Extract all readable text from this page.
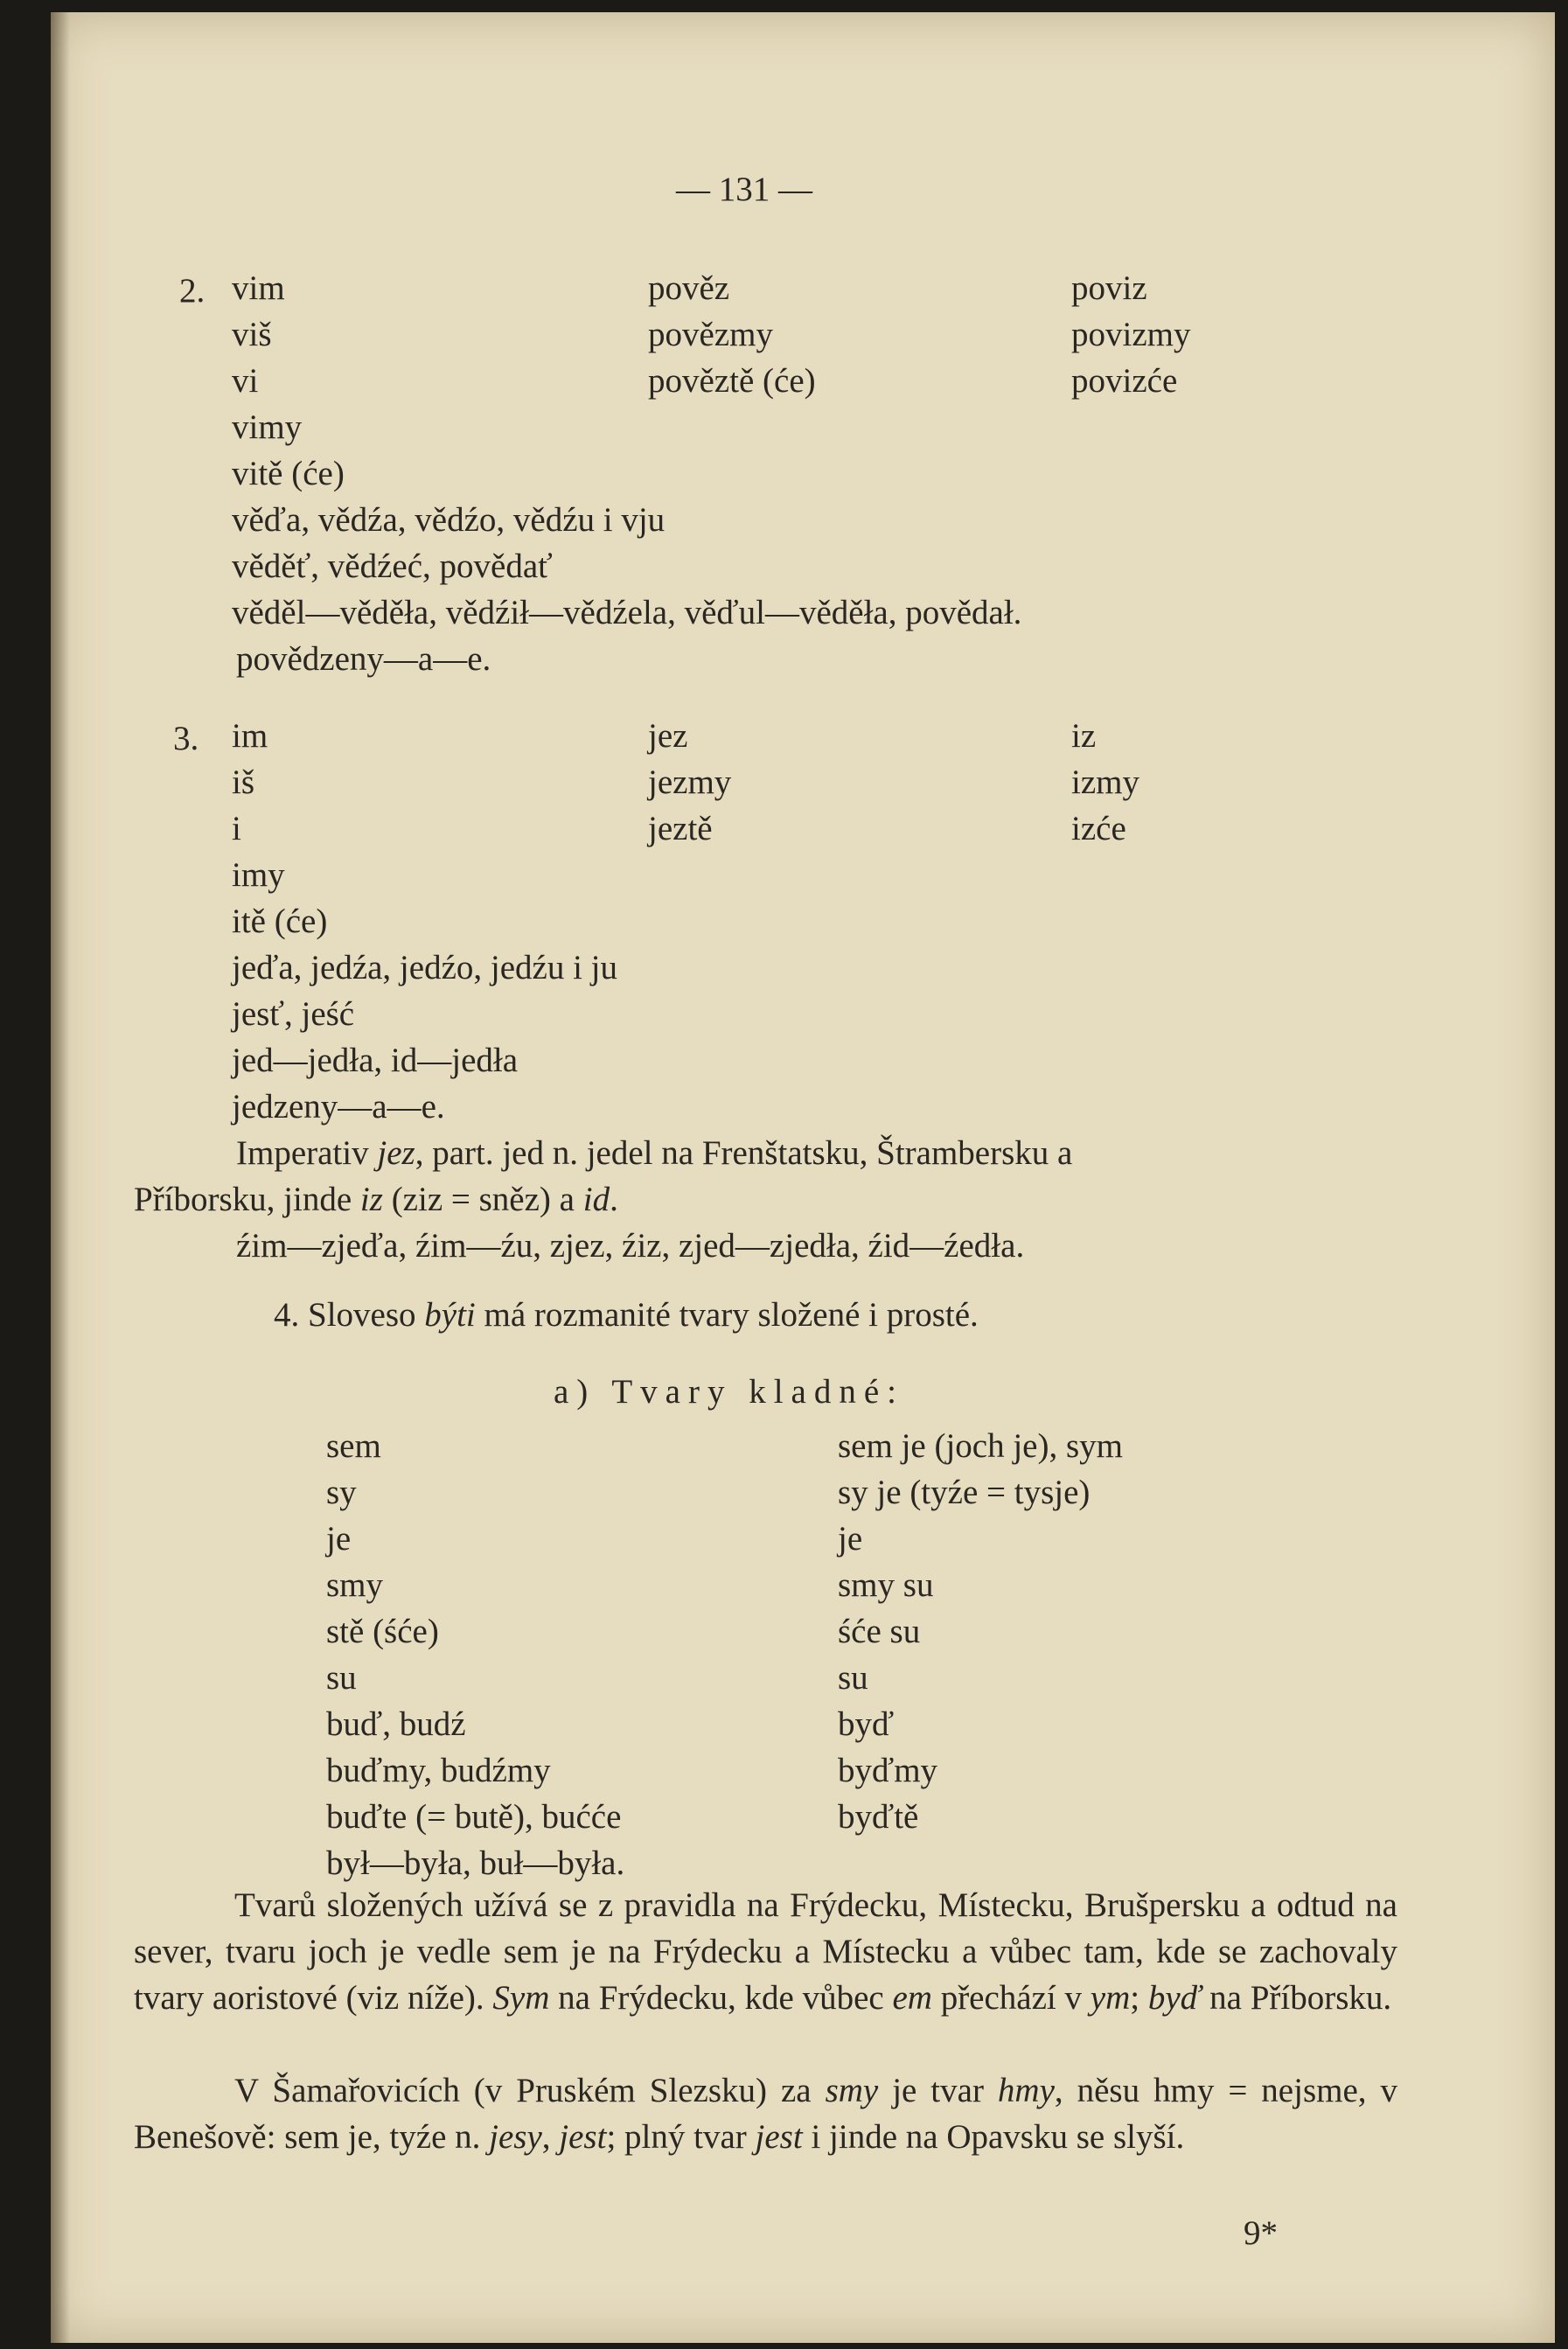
— 131 —
2. vim
viš
vi
vimy
vitě (će)
pověz
povězmy
pověztě (će)
poviz
povizmy
povizće
věďa, vědźa, vědźo, vědźu i vju
věděť, vědźeć, povědať
věděl—věděła, vědźił—vědźela, věďul—věděła, povědał.
povědzeny—a—e.
3. im
iš
i
imy
itě (će)
jez
jezmy
jeztě
iz
izmy
izće
jeďa, jedźa, jedźo, jedźu i ju
jesť, jeść
jed—jedła, id—jedła
jedzeny—a—e.
Imperativ jez, part. jed n. jedel na Frenštatsku, Štrambersku a
Příborsku, jinde iz (ziz = sněz) a id.
źim—zjeďa, źim—źu, zjez, źiz, zjed—zjedła, źid—źedła.
4. Sloveso býti má rozmanité tvary složené i prosté.
a) Tvary kladné:
sem
sy
je
smy
stě (śće)
su
buď, budź
buďmy, budźmy
buďte (= butě), bućće
był—była, buł—była.
sem je (joch je), sym
sy je (tyźe = tysje)
je
smy su
śće su
su
byď
byďmy
byďtě
Tvarů složených užívá se z pravidla na Frýdecku, Místecku, Brušpersku a odtud na sever, tvaru joch je vedle sem je na Frýdecku a Místecku a vůbec tam, kde se zachovaly tvary aoristové (viz níže). Sym na Frýdecku, kde vůbec em přechází v ym; byď na Příborsku.
V Šamařovicích (v Pruském Slezsku) za smy je tvar hmy, něsu hmy = nejsme, v Benešově: sem je, tyźe n. jesy, jest; plný tvar jest i jinde na Opavsku se slyší.
9*
